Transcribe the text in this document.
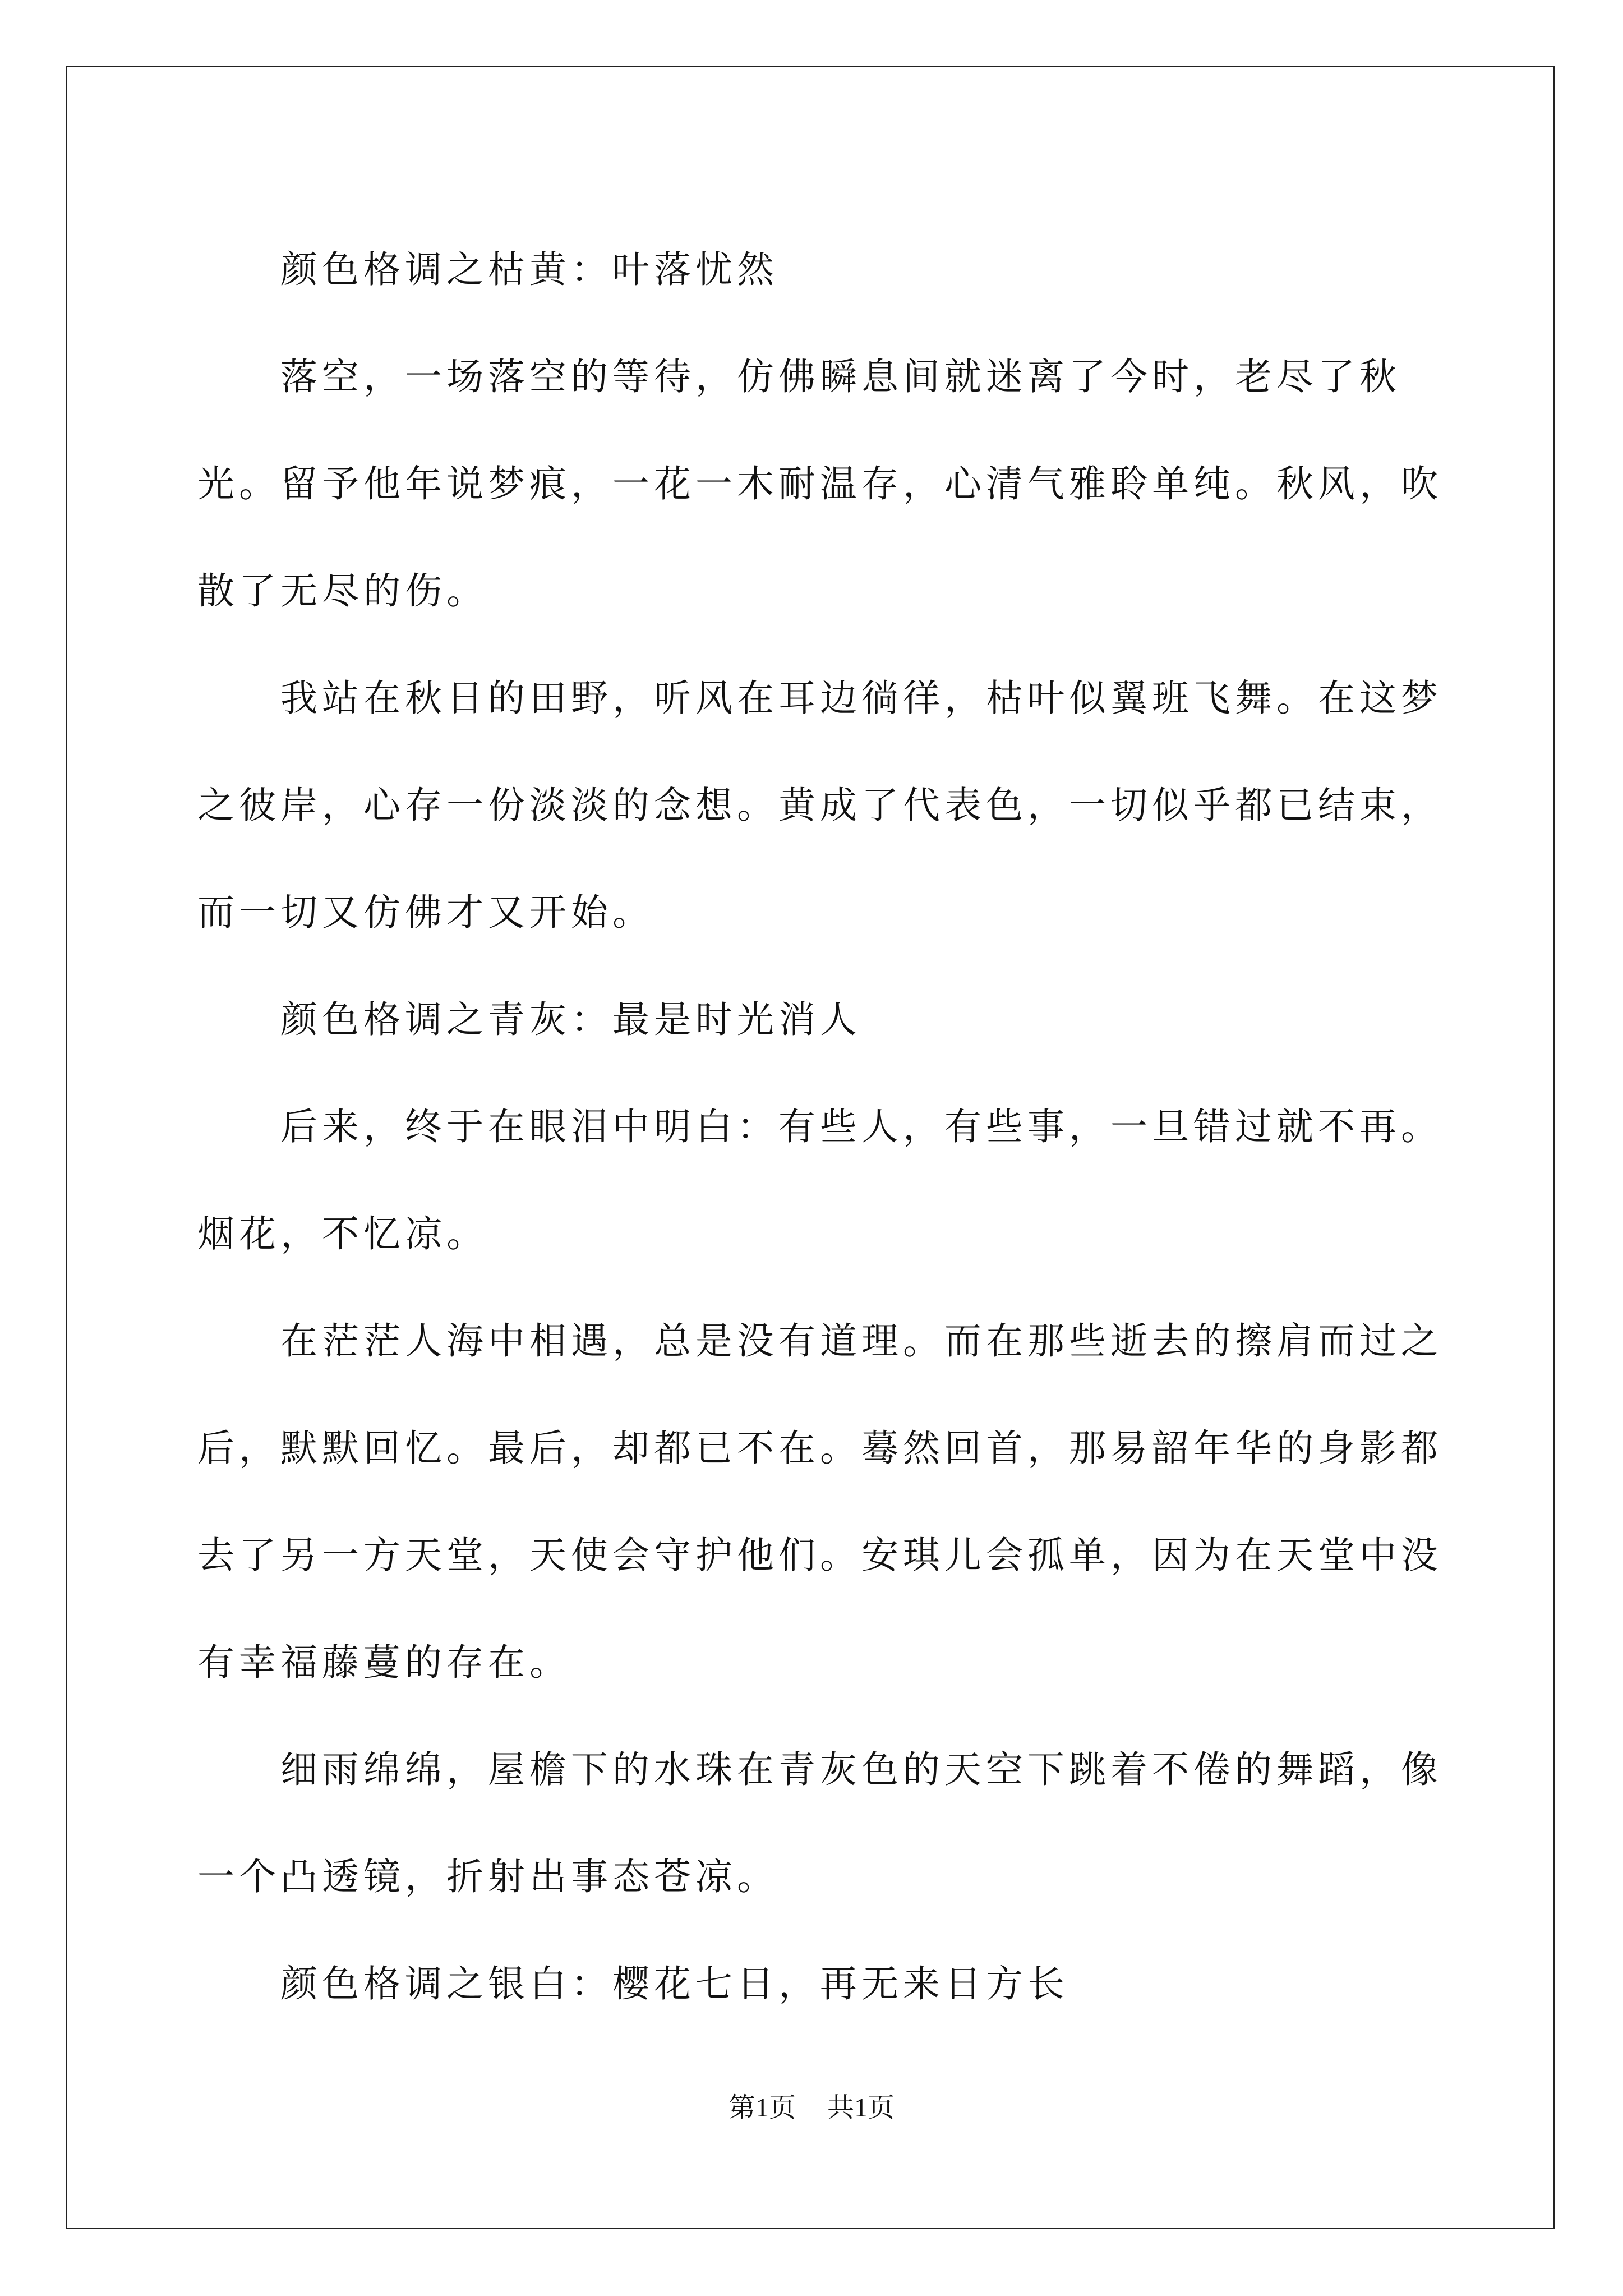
颜色格调之枯黄：叶落忧然

落空，一场落空的等待，仿佛瞬息间就迷离了今时，老尽了秋光。留予他年说梦痕，一花一木耐温存，心清气雅聆单纯。秋风，吹散了无尽的伤。

我站在秋日的田野，听风在耳边徜徉，枯叶似翼班飞舞。在这梦之彼岸，心存一份淡淡的念想。黄成了代表色，一切似乎都已结束，而一切又仿佛才又开始。

颜色格调之青灰：最是时光消人

后来，终于在眼泪中明白：有些人，有些事，一旦错过就不再。烟花，不忆凉。

在茫茫人海中相遇，总是没有道理。而在那些逝去的擦肩而过之后，默默回忆。最后，却都已不在。蓦然回首，那易韶年华的身影都去了另一方天堂，天使会守护他们。安琪儿会孤单，因为在天堂中没有幸福藤蔓的存在。

细雨绵绵，屋檐下的水珠在青灰色的天空下跳着不倦的舞蹈，像一个凸透镜，折射出事态苍凉。

颜色格调之银白：樱花七日，再无来日方长

第1页 共1页
